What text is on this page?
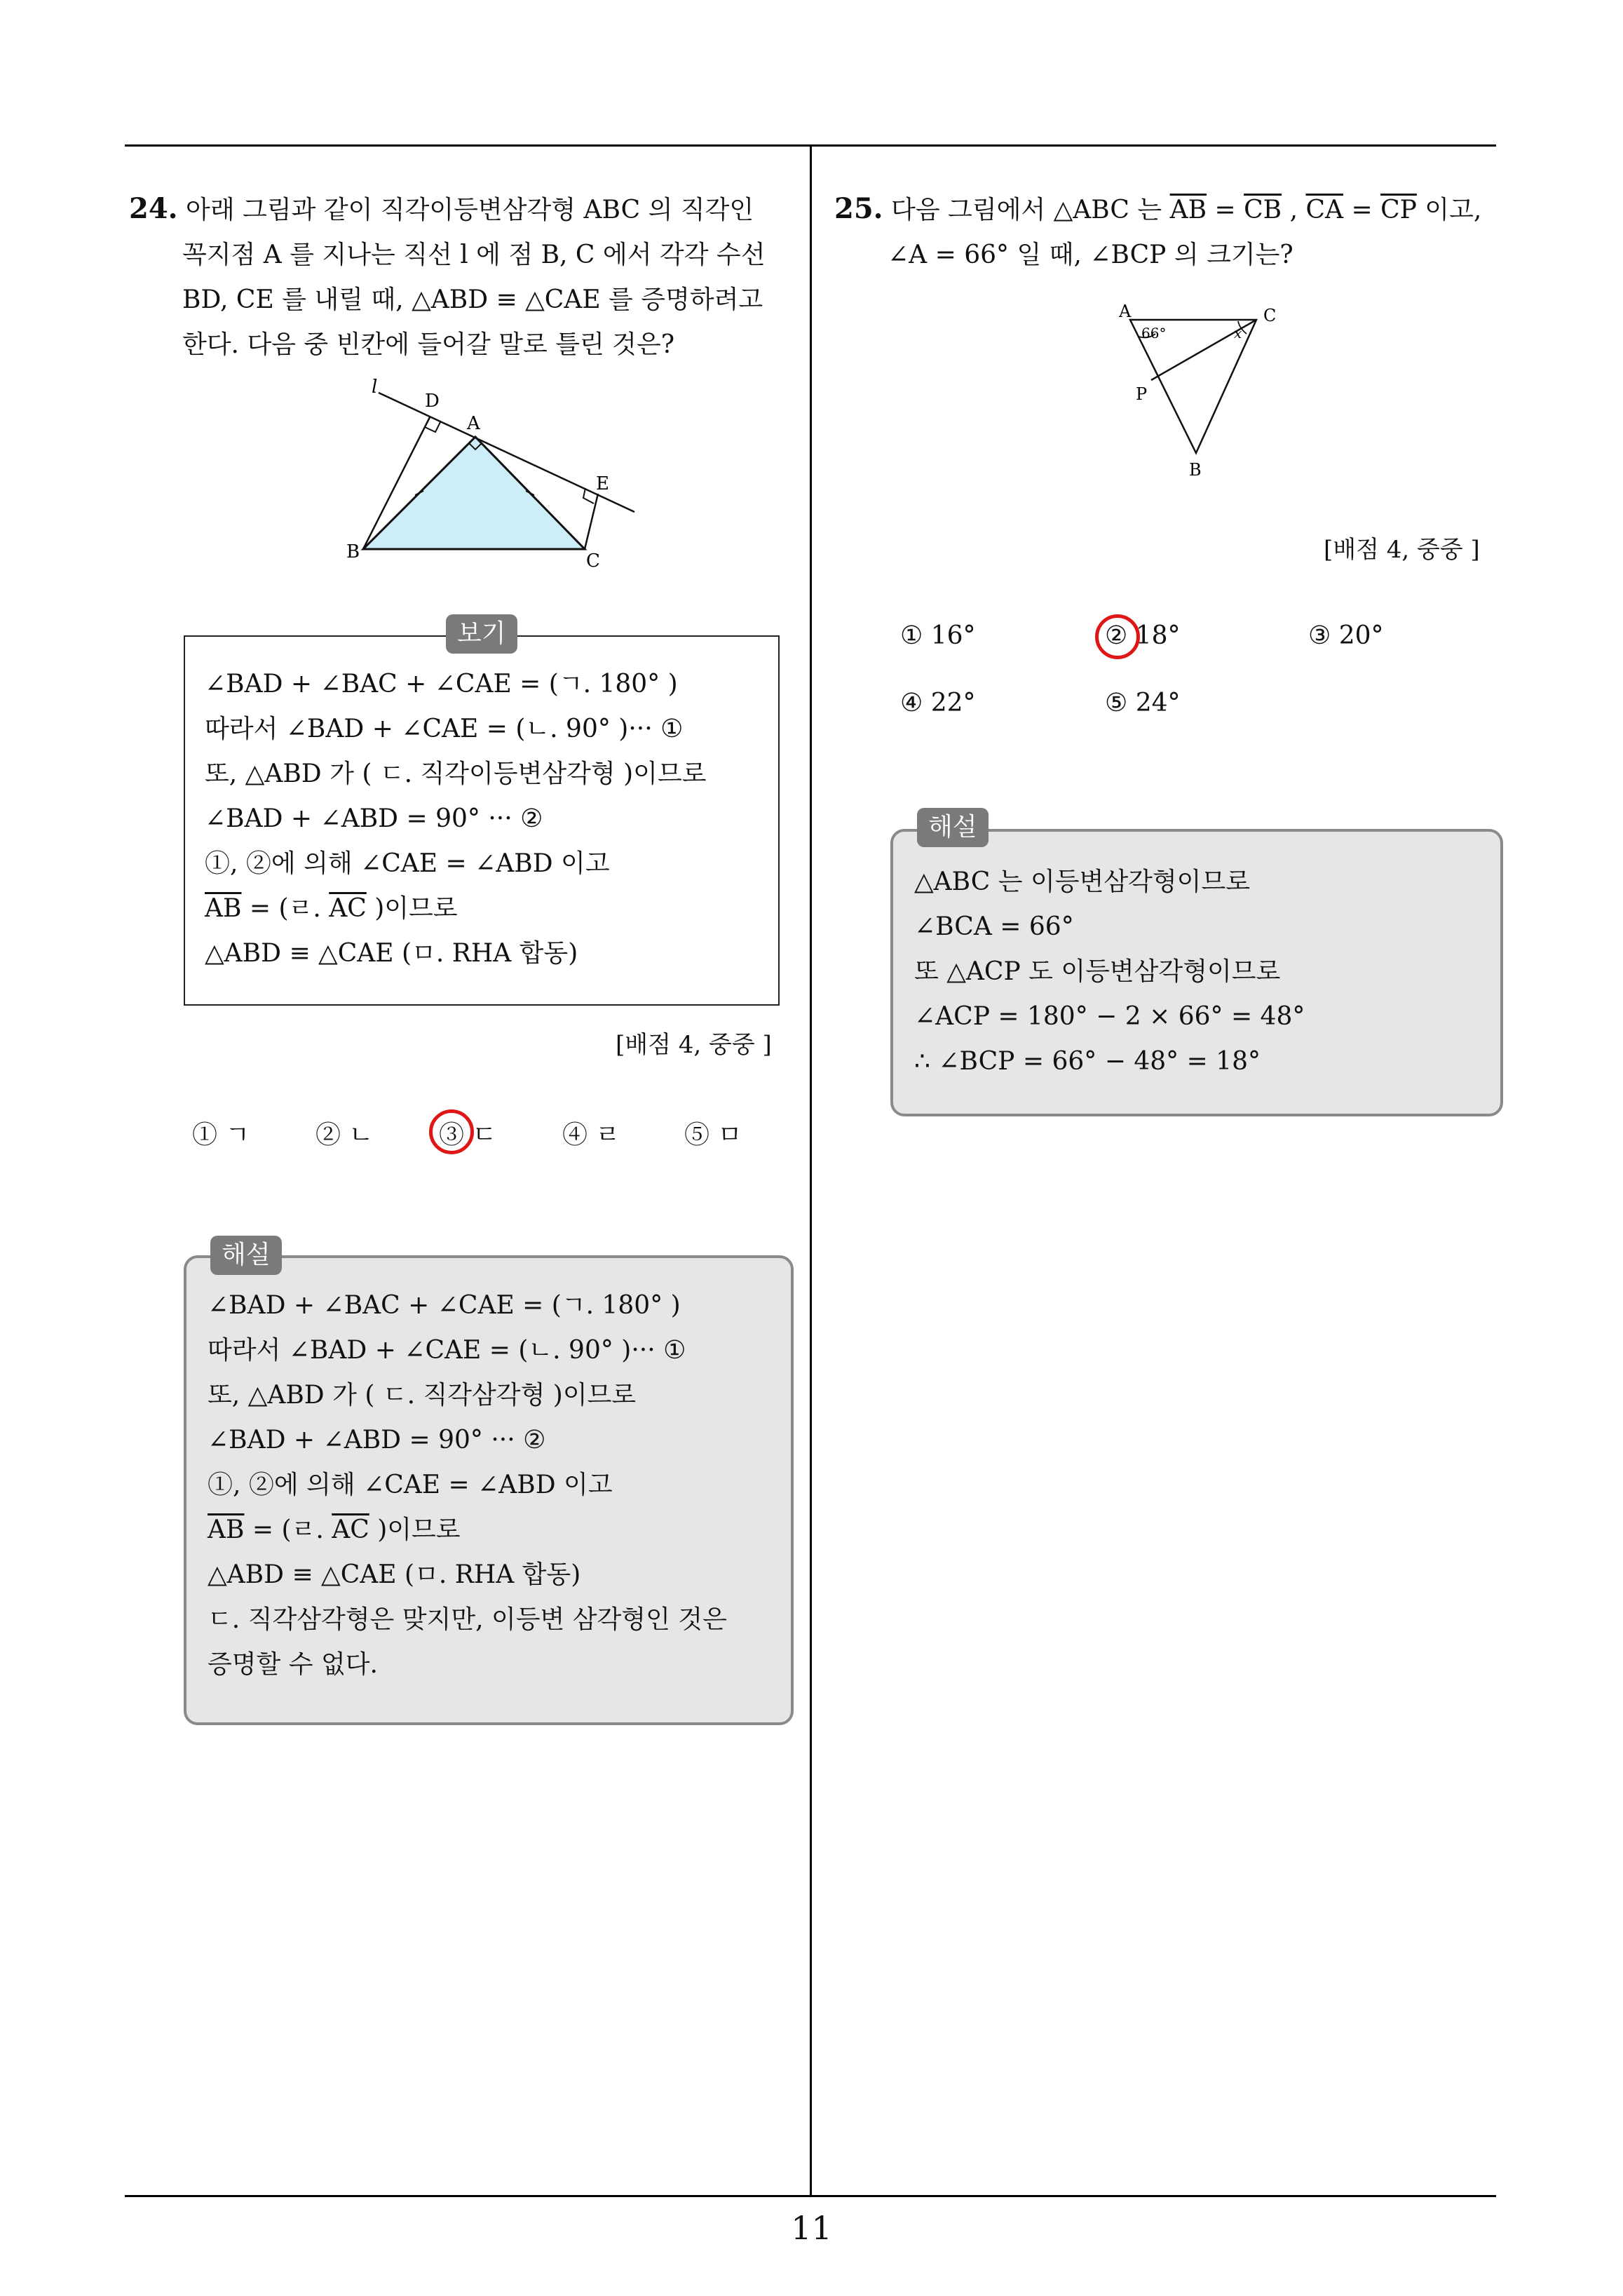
11
24. 아래 그림과 같이 직각이등변삼각형 ABC 의 직각인
꼭지점 A 를 지나는 직선 l 에 점 B, C 에서 각각 수선
BD, CE 를 내릴 때, △ABD ≡ △CAE 를 증명하려고
한다. 다음 중 빈칸에 들어갈 말로 틀린 것은?
l
D
A
E
B	C
∠BAD + ∠BAC + ∠CAE = (ㄱ. 180° )
따라서 ∠BAD + ∠CAE = (ㄴ. 90° )··· ①
또, △ABD 가 ( ㄷ. 직각이등변삼각형 )이므로
∠BAD + ∠ABD = 90° ··· ②
①, ②에 의해 ∠CAE = ∠ABD 이고
$\overline{AB}$ = (ㄹ. $\overline{AC}$ )이므로
△ABD ≡ △CAE (ㅁ. RHA 합동)
보기
[배점 4, 중중 ]
① ㄱ	② ㄴ	③ ㄷ	④ ㄹ	⑤ ㅁ
∠BAD + ∠BAC + ∠CAE = (ㄱ. 180° )
따라서 ∠BAD + ∠CAE = (ㄴ. 90° )··· ①
또, △ABD 가 ( ㄷ. 직각삼각형 )이므로
∠BAD + ∠ABD = 90° ··· ②
①, ②에 의해 ∠CAE = ∠ABD 이고
$\overline{AB}$ = (ㄹ. $\overline{AC}$ )이므로
△ABD ≡ △CAE (ㅁ. RHA 합동)
ㄷ. 직각삼각형은 맞지만, 이등변 삼각형인 것은
증명할 수 없다.
해설
25. 다음 그림에서 △ABC 는 $\overline{AB} = \overline{CB}$ , $\overline{CA} = \overline{CP}$ 이고,
∠A = 66° 일 때, ∠BCP 의 크기는?
A	C
66°	x
P
B
[배점 4, 중중 ]
① 16°	② 18°	③ 20°
④ 22°	⑤ 24°
△ABC 는 이등변삼각형이므로
∠BCA = 66°
또 △ACP 도 이등변삼각형이므로
∠ACP = 180° − 2 × 66° = 48°
∴ ∠BCP = 66° − 48° = 18°
해설
